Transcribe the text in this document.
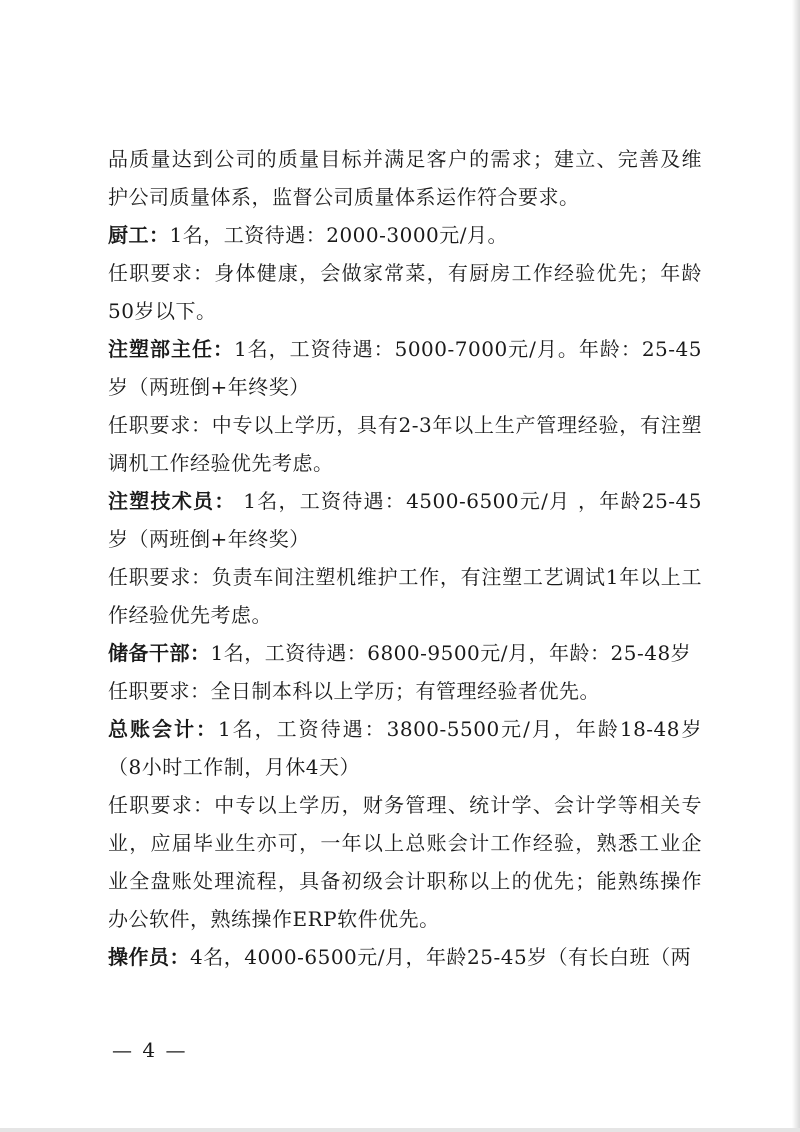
品质量达到公司的质量目标并满足客户的需求；建立、完善及维护公司质量体系，监督公司质量体系运作符合要求。

厨工：1名，工资待遇：2000-3000元/月。

任职要求：身体健康，会做家常菜，有厨房工作经验优先；年龄50岁以下。

注塑部主任：1名，工资待遇：5000-7000元/月。年龄：25-45岁（两班倒+年终奖）

任职要求：中专以上学历，具有2-3年以上生产管理经验，有注塑调机工作经验优先考虑。

注塑技术员： 1名，工资待遇：4500-6500元/月 ，年龄25-45岁（两班倒+年终奖）

任职要求：负责车间注塑机维护工作，有注塑工艺调试1年以上工作经验优先考虑。

储备干部：1名，工资待遇：6800-9500元/月，年龄：25-48岁

任职要求：全日制本科以上学历；有管理经验者优先。

总账会计：1名，工资待遇：3800-5500元/月，年龄18-48岁（8小时工作制，月休4天）

任职要求：中专以上学历，财务管理、统计学、会计学等相关专业，应届毕业生亦可，一年以上总账会计工作经验，熟悉工业企业全盘账处理流程，具备初级会计职称以上的优先；能熟练操作办公软件，熟练操作ERP软件优先。

操作员：4名，4000-6500元/月，年龄25-45岁（有长白班（两

— 4 —
